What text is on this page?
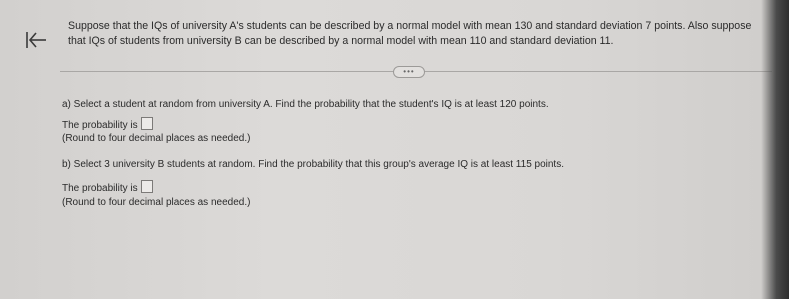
Suppose that the IQs of university A's students can be described by a normal model with mean 130 and standard deviation 7 points. Also suppose

that IQs of students from university B can be described by a normal model with mean 110 and standard deviation 11.

•••
a) Select a student at random from university A. Find the probability that the student's IQ is at least 120 points.
The probability is
(Round to four decimal places as needed.)
b) Select 3 university B students at random. Find the probability that this group's average IQ is at least 115 points.
The probability is
(Round to four decimal places as needed.)
